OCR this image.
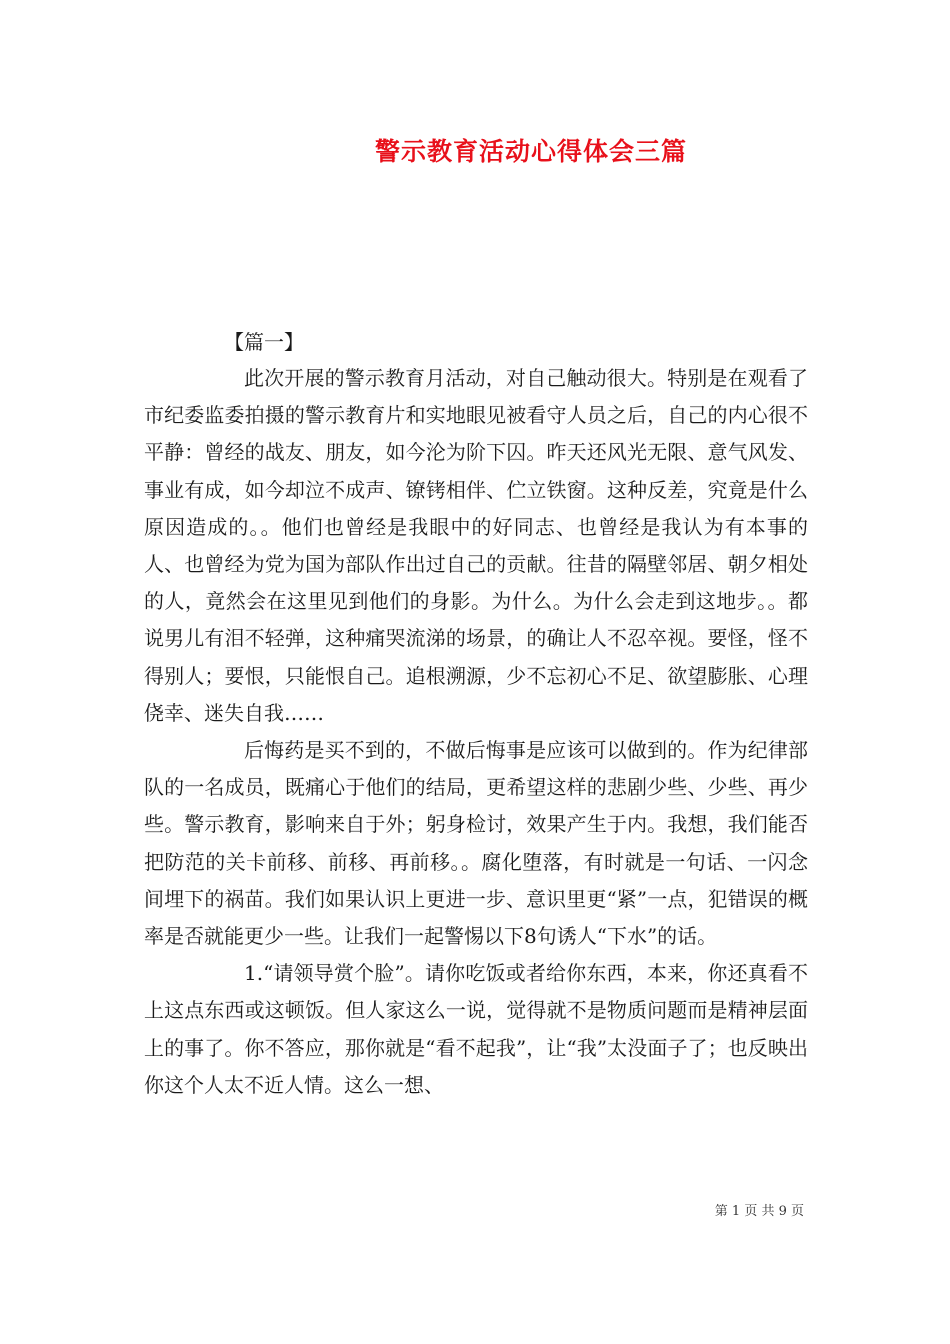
警示教育活动心得体会三篇
【篇一】

此次开展的警示教育月活动，对自己触动很大。特别是在观看了市纪委监委拍摄的警示教育片和实地眼见被看守人员之后，自己的内心很不平静：曾经的战友、朋友，如今沦为阶下囚。昨天还风光无限、意气风发、事业有成，如今却泣不成声、镣铐相伴、伫立铁窗。这种反差，究竟是什么原因造成的。。他们也曾经是我眼中的好同志、也曾经是我认为有本事的人、也曾经为党为国为部队作出过自己的贡献。往昔的隔壁邻居、朝夕相处的人，竟然会在这里见到他们的身影。为什么。为什么会走到这地步。。都说男儿有泪不轻弹，这种痛哭流涕的场景，的确让人不忍卒视。要怪，怪不得别人；要恨，只能恨自己。追根溯源，少不忘初心不足、欲望膨胀、心理侥幸、迷失自我……

后悔药是买不到的，不做后悔事是应该可以做到的。作为纪律部队的一名成员，既痛心于他们的结局，更希望这样的悲剧少些、少些、再少些。警示教育，影响来自于外；躬身检讨，效果产生于内。我想，我们能否把防范的关卡前移、前移、再前移。。腐化堕落，有时就是一句话、一闪念间埋下的祸苗。我们如果认识上更进一步、意识里更“紧”一点，犯错误的概率是否就能更少一些。让我们一起警惕以下8句诱人“下水”的话。

1.“请领导赏个脸”。请你吃饭或者给你东西，本来，你还真看不上这点东西或这顿饭。但人家这么一说，觉得就不是物质问题而是精神层面上的事了。你不答应，那你就是“看不起我”，让“我”太没面子了；也反映出你这个人太不近人情。这么一想、

第 1 页 共 9 页
